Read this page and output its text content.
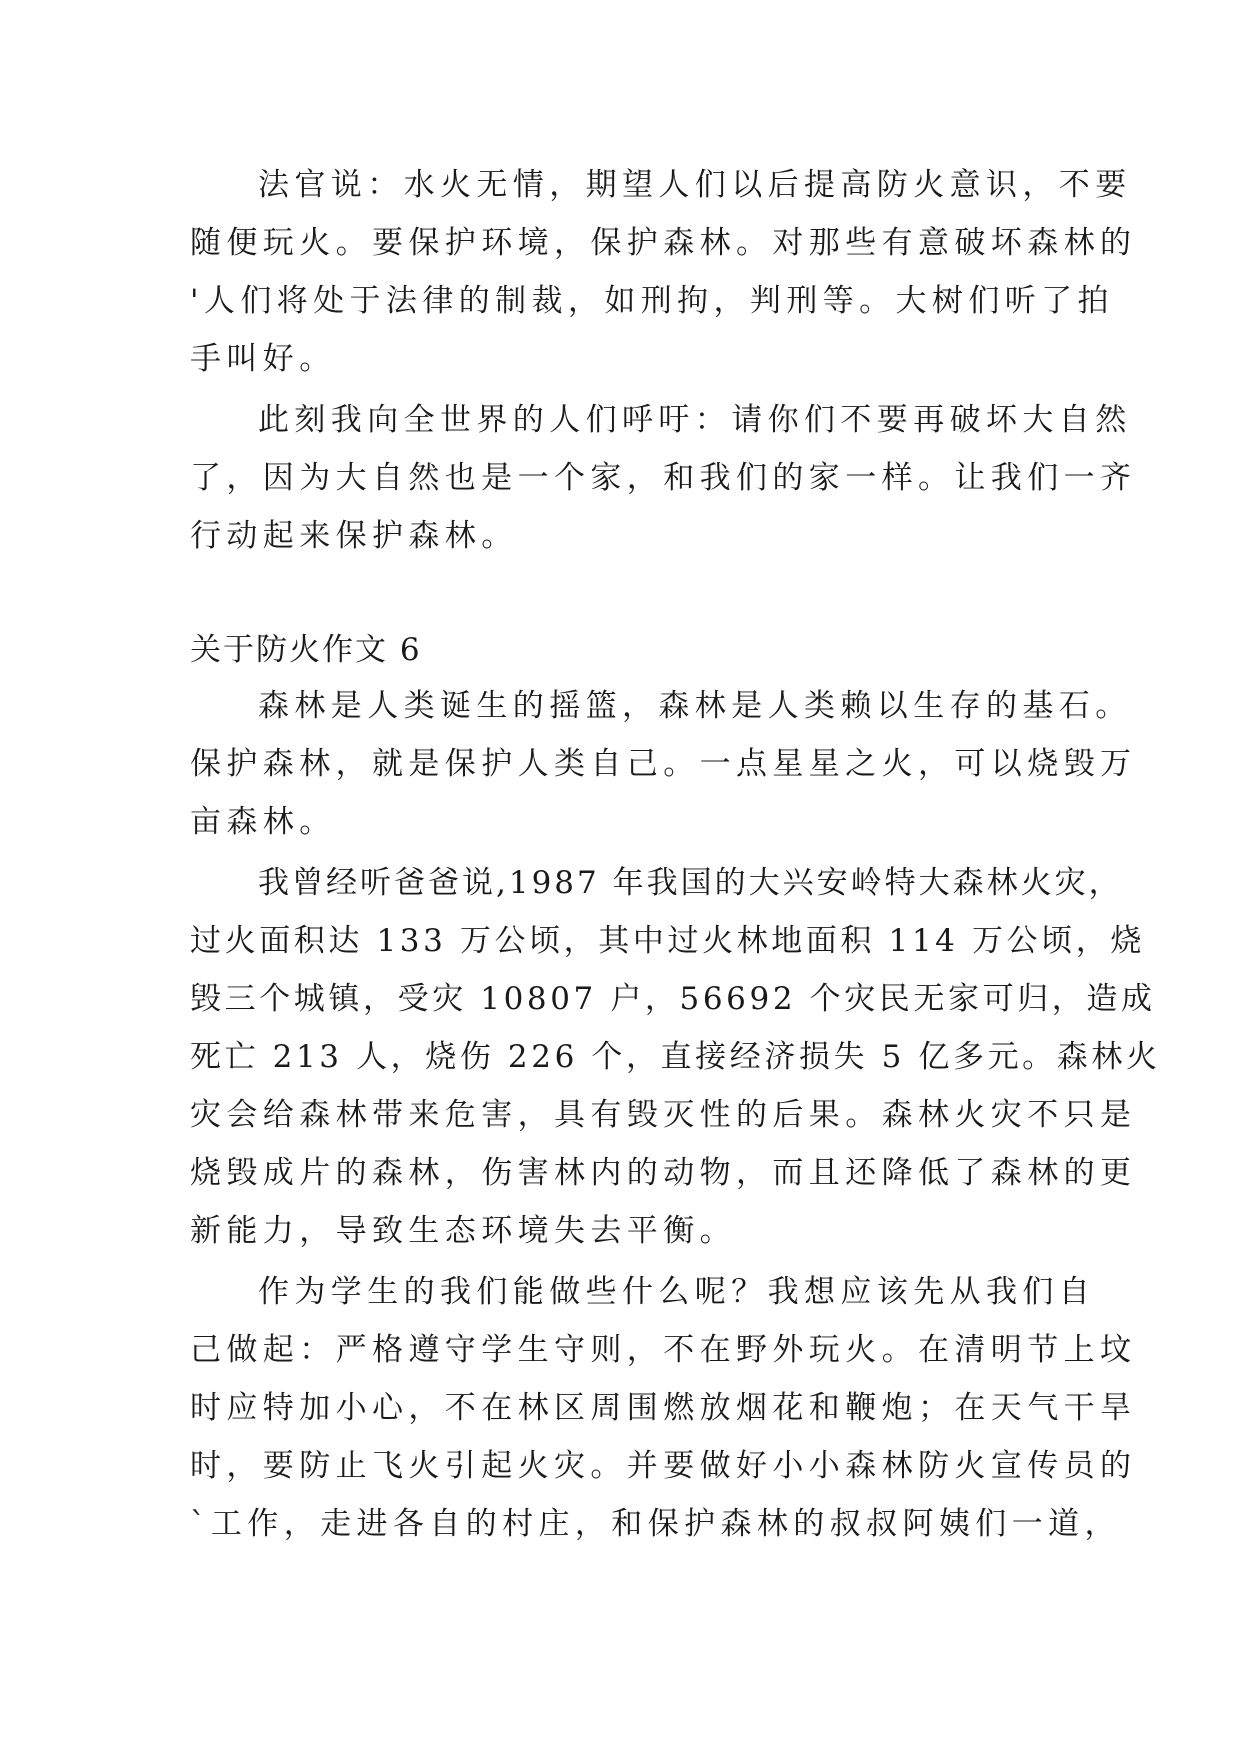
法官说：水火无情，期望人们以后提高防火意识，不要
随便玩火。要保护环境，保护森林。对那些有意破坏森林的
'人们将处于法律的制裁，如刑拘，判刑等。大树们听了拍
手叫好。
此刻我向全世界的人们呼吁：请你们不要再破坏大自然
了，因为大自然也是一个家，和我们的家一样。让我们一齐
行动起来保护森林。
关于防火作文 6
森林是人类诞生的摇篮，森林是人类赖以生存的基石。
保护森林，就是保护人类自己。一点星星之火，可以烧毁万
亩森林。
我曾经听爸爸说,1987 年我国的大兴安岭特大森林火灾，
过火面积达 133 万公顷，其中过火林地面积 114 万公顷，烧
毁三个城镇，受灾 10807 户，56692 个灾民无家可归，造成
死亡 213 人，烧伤 226 个，直接经济损失 5 亿多元。森林火
灾会给森林带来危害，具有毁灭性的后果。森林火灾不只是
烧毁成片的森林，伤害林内的动物，而且还降低了森林的更
新能力，导致生态环境失去平衡。
作为学生的我们能做些什么呢？我想应该先从我们自
己做起：严格遵守学生守则，不在野外玩火。在清明节上坟
时应特加小心，不在林区周围燃放烟花和鞭炮；在天气干旱
时，要防止飞火引起火灾。并要做好小小森林防火宣传员的
`工作，走进各自的村庄，和保护森林的叔叔阿姨们一道，
